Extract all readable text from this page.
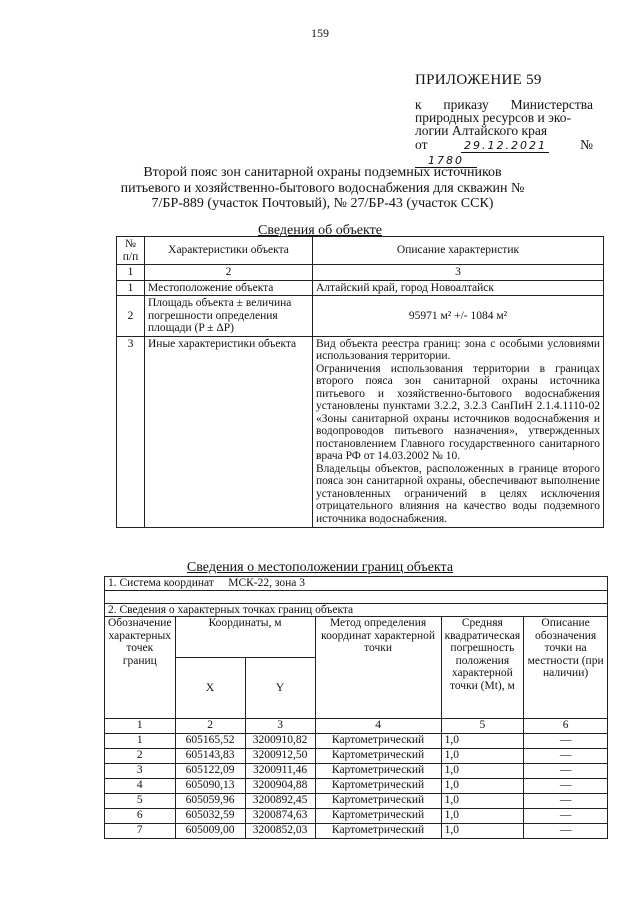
159
ПРИЛОЖЕНИЕ 59
к приказу Министерства
природных ресурсов и эко-
логии Алтайского края
от	29.12.2021 № 1780
Второй пояс зон санитарной охраны подземных источников питьевого и хозяйственно-бытового водоснабжения для скважин № 7/БР-889 (участок Почтовый), № 27/БР-43 (участок ССК)
Сведения об объекте
№ п/п	Характеристики объекта	Описание характеристик
1	2	3
1	Местоположение объекта	Алтайский край, город Новоалтайск
2	Площадь объекта ± величина погрешности определения площади (P ± ΔP)	95971 м² +/- 1084 м²
3	Иные характеристики объекта	Вид объекта реестра границ: зона с особыми условиями использования территории.
Ограничения использования территории в границах второго пояса зон санитарной охраны источника питьевого и хозяйственно-бытового водоснабжения установлены пунктами 3.2.2, 3.2.3 СанПиН 2.1.4.1110-02 «Зоны санитарной охраны источников водоснабжения и водопроводов питьевого назначения», утвержденных постановлением Главного государственного санитарного врача РФ от 14.03.2002 № 10.
Владельцы объектов, расположенных в границе второго пояса зон санитарной охраны, обеспечивают выполнение установленных ограничений в целях исключения отрицательного влияния на качество воды подземного источника водоснабжения.
Сведения о местоположении границ объекта
1. Система координат МСК-22, зона 3					

2. Сведения о характерных точках границ объекта					
Обозначение характерных точек границ	Координаты, м		Метод определения координат характерной точки	Средняя квадратическая погрешность положения характерной точки (Mt), м	Описание обозначения точки на местности (при наличии)
	X	Y			
1	2	3	4	5	6
1	605165,52	3200910,82	Картометрический	1,0	—
2	605143,83	3200912,50	Картометрический	1,0	—
3	605122,09	3200911,46	Картометрический	1,0	—
4	605090,13	3200904,88	Картометрический	1,0	—
5	605059,96	3200892,45	Картометрический	1,0	—
6	605032,59	3200874,63	Картометрический	1,0	—
7	605009,00	3200852,03	Картометрический	1,0	—
